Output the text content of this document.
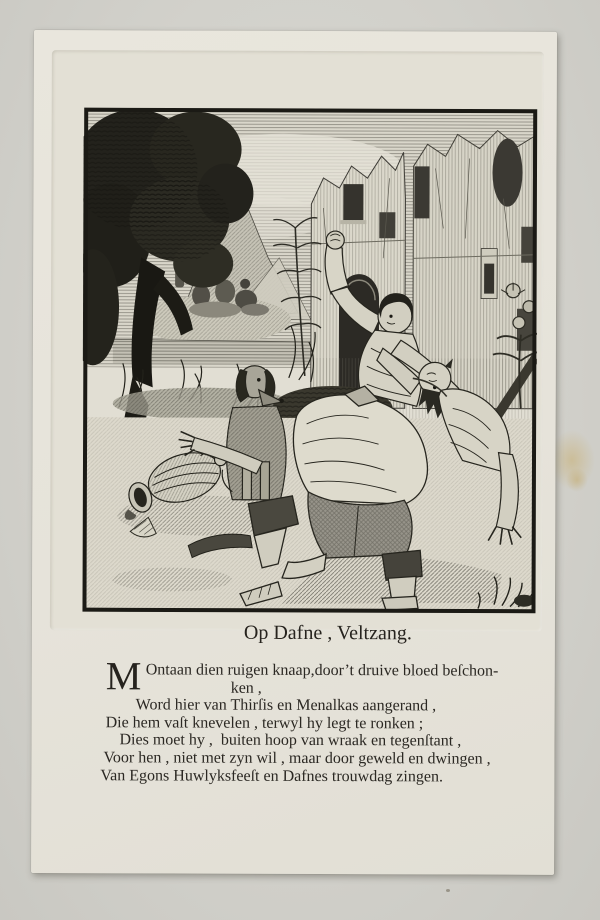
Op Dafne , Veltzang.
M Ontaan dien ruigen knaap,door’t druive bloed beſchon-
ken ,
Word hier van Thirſis en Menalkas aangerand ,
Die hem vaſt knevelen , terwyl hy legt te ronken ;
Dies moet hy ,  buiten hoop van wraak en tegenſtant ,
Voor hen , niet met zyn wil , maar door geweld en dwingen ,
Van Egons Huwlyksfeeſt en Dafnes trouwdag zingen.
